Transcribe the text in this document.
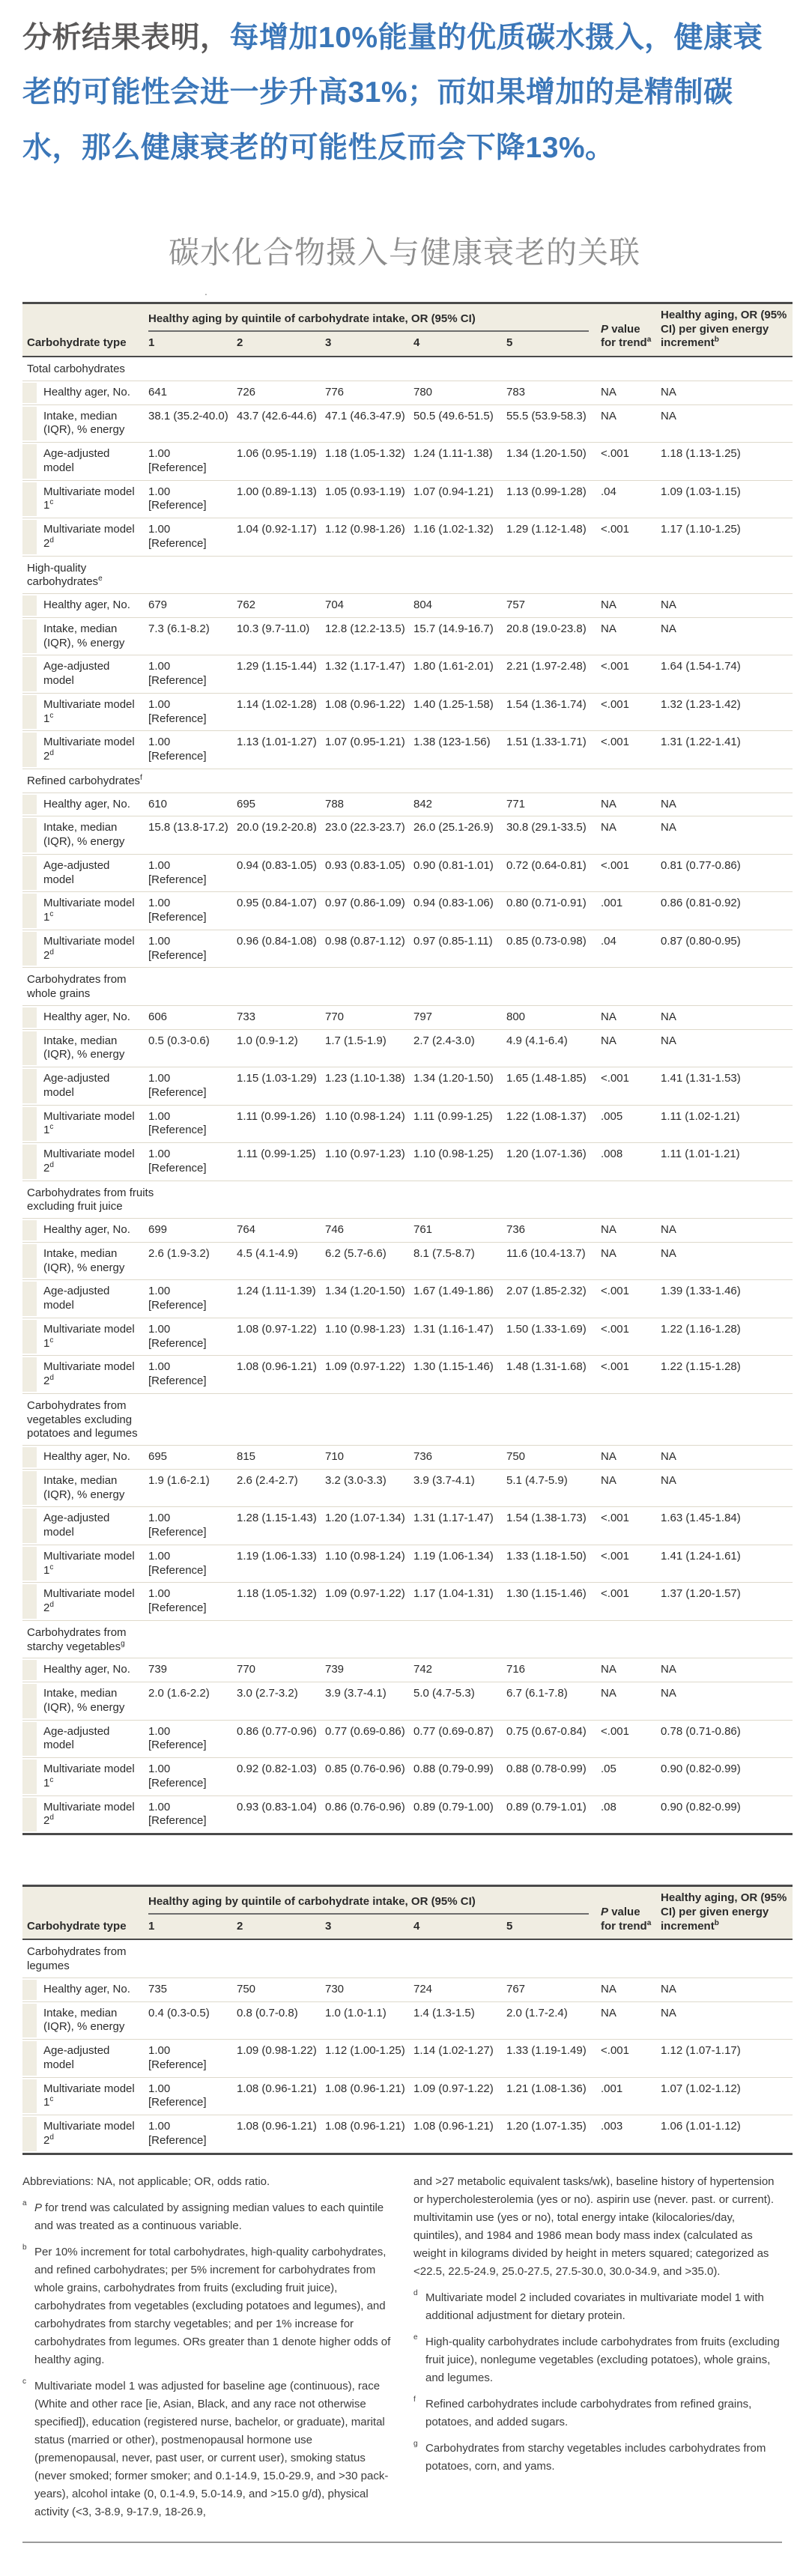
分析结果表明，每增加10%能量的优质碳水摄入，健康衰老的可能性会进一步升高31%；而如果增加的是精制碳水，那么健康衰老的可能性反而会下降13%。

碳水化合物摄入与健康衰老的关联
.
Carbohydrate type	Healthy aging by quintile of carbohydrate intake, OR (95% CI)					P value for trend$^a$	Healthy aging, OR (95% CI) per given energy increment$^b$
	1	2	3	4	5		
Total carbohydrates							
Healthy ager, No.	641	726	776	780	783	NA	NA
Intake, median (IQR), % energy	38.1 (35.2-40.0)	43.7 (42.6-44.6)	47.1 (46.3-47.9)	50.5 (49.6-51.5)	55.5 (53.9-58.3)	NA	NA
Age-adjusted model	1.00 [Reference]	1.06 (0.95-1.19)	1.18 (1.05-1.32)	1.24 (1.11-1.38)	1.34 (1.20-1.50)	<.001	1.18 (1.13-1.25)
Multivariate model 1$^c$	1.00 [Reference]	1.00 (0.89-1.13)	1.05 (0.93-1.19)	1.07 (0.94-1.21)	1.13 (0.99-1.28)	.04	1.09 (1.03-1.15)
Multivariate model 2$^d$	1.00 [Reference]	1.04 (0.92-1.17)	1.12 (0.98-1.26)	1.16 (1.02-1.32)	1.29 (1.12-1.48)	<.001	1.17 (1.10-1.25)
High-quality carbohydrates$^e$
Healthy ager, No.	679	762	704	804	757	NA	NA
Intake, median (IQR), % energy	7.3 (6.1-8.2)	10.3 (9.7-11.0)	12.8 (12.2-13.5)	15.7 (14.9-16.7)	20.8 (19.0-23.8)	NA	NA
Age-adjusted model	1.00 [Reference]	1.29 (1.15-1.44)	1.32 (1.17-1.47)	1.80 (1.61-2.01)	2.21 (1.97-2.48)	<.001	1.64 (1.54-1.74)
Multivariate model 1$^c$	1.00 [Reference]	1.14 (1.02-1.28)	1.08 (0.96-1.22)	1.40 (1.25-1.58)	1.54 (1.36-1.74)	<.001	1.32 (1.23-1.42)
Multivariate model 2$^d$	1.00 [Reference]	1.13 (1.01-1.27)	1.07 (0.95-1.21)	1.38 (123-1.56)	1.51 (1.33-1.71)	<.001	1.31 (1.22-1.41)
Refined carbohydrates$^f$
Healthy ager, No.	610	695	788	842	771	NA	NA
Intake, median (IQR), % energy	15.8 (13.8-17.2)	20.0 (19.2-20.8)	23.0 (22.3-23.7)	26.0 (25.1-26.9)	30.8 (29.1-33.5)	NA	NA
Age-adjusted model	1.00 [Reference]	0.94 (0.83-1.05)	0.93 (0.83-1.05)	0.90 (0.81-1.01)	0.72 (0.64-0.81)	<.001	0.81 (0.77-0.86)
Multivariate model 1$^c$	1.00 [Reference]	0.95 (0.84-1.07)	0.97 (0.86-1.09)	0.94 (0.83-1.06)	0.80 (0.71-0.91)	.001	0.86 (0.81-0.92)
Multivariate model 2$^d$	1.00 [Reference]	0.96 (0.84-1.08)	0.98 (0.87-1.12)	0.97 (0.85-1.11)	0.85 (0.73-0.98)	.04	0.87 (0.80-0.95)
Carbohydrates from whole grains							
Healthy ager, No.	606	733	770	797	800	NA	NA
Intake, median (IQR), % energy	0.5 (0.3-0.6)	1.0 (0.9-1.2)	1.7 (1.5-1.9)	2.7 (2.4-3.0)	4.9 (4.1-6.4)	NA	NA
Age-adjusted model	1.00 [Reference]	1.15 (1.03-1.29)	1.23 (1.10-1.38)	1.34 (1.20-1.50)	1.65 (1.48-1.85)	<.001	1.41 (1.31-1.53)
Multivariate model 1$^c$	1.00 [Reference]	1.11 (0.99-1.26)	1.10 (0.98-1.24)	1.11 (0.99-1.25)	1.22 (1.08-1.37)	.005	1.11 (1.02-1.21)
Multivariate model 2$^d$	1.00 [Reference]	1.11 (0.99-1.25)	1.10 (0.97-1.23)	1.10 (0.98-1.25)	1.20 (1.07-1.36)	.008	1.11 (1.01-1.21)
Carbohydrates from fruits excluding fruit juice							
Healthy ager, No.	699	764	746	761	736	NA	NA
Intake, median (IQR), % energy	2.6 (1.9-3.2)	4.5 (4.1-4.9)	6.2 (5.7-6.6)	8.1 (7.5-8.7)	11.6 (10.4-13.7)	NA	NA
Age-adjusted model	1.00 [Reference]	1.24 (1.11-1.39)	1.34 (1.20-1.50)	1.67 (1.49-1.86)	2.07 (1.85-2.32)	<.001	1.39 (1.33-1.46)
Multivariate model 1$^c$	1.00 [Reference]	1.08 (0.97-1.22)	1.10 (0.98-1.23)	1.31 (1.16-1.47)	1.50 (1.33-1.69)	<.001	1.22 (1.16-1.28)
Multivariate model 2$^d$	1.00 [Reference]	1.08 (0.96-1.21)	1.09 (0.97-1.22)	1.30 (1.15-1.46)	1.48 (1.31-1.68)	<.001	1.22 (1.15-1.28)
Carbohydrates from vegetables excluding potatoes and legumes							
Healthy ager, No.	695	815	710	736	750	NA	NA
Intake, median (IQR), % energy	1.9 (1.6-2.1)	2.6 (2.4-2.7)	3.2 (3.0-3.3)	3.9 (3.7-4.1)	5.1 (4.7-5.9)	NA	NA
Age-adjusted model	1.00 [Reference]	1.28 (1.15-1.43)	1.20 (1.07-1.34)	1.31 (1.17-1.47)	1.54 (1.38-1.73)	<.001	1.63 (1.45-1.84)
Multivariate model 1$^c$	1.00 [Reference]	1.19 (1.06-1.33)	1.10 (0.98-1.24)	1.19 (1.06-1.34)	1.33 (1.18-1.50)	<.001	1.41 (1.24-1.61)
Multivariate model 2$^d$	1.00 [Reference]	1.18 (1.05-1.32)	1.09 (0.97-1.22)	1.17 (1.04-1.31)	1.30 (1.15-1.46)	<.001	1.37 (1.20-1.57)
Carbohydrates from starchy vegetables$^g$
Healthy ager, No.	739	770	739	742	716	NA	NA
Intake, median (IQR), % energy	2.0 (1.6-2.2)	3.0 (2.7-3.2)	3.9 (3.7-4.1)	5.0 (4.7-5.3)	6.7 (6.1-7.8)	NA	NA
Age-adjusted model	1.00 [Reference]	0.86 (0.77-0.96)	0.77 (0.69-0.86)	0.77 (0.69-0.87)	0.75 (0.67-0.84)	<.001	0.78 (0.71-0.86)
Multivariate model 1$^c$	1.00 [Reference]	0.92 (0.82-1.03)	0.85 (0.76-0.96)	0.88 (0.79-0.99)	0.88 (0.78-0.99)	.05	0.90 (0.82-0.99)
Multivariate model 2$^d$	1.00 [Reference]	0.93 (0.83-1.04)	0.86 (0.76-0.96)	0.89 (0.79-1.00)	0.89 (0.79-1.01)	.08	0.90 (0.82-0.99)
Carbohydrate type	Healthy aging by quintile of carbohydrate intake, OR (95% CI)					P value for trend$^a$	Healthy aging, OR (95% CI) per given energy increment$^b$
	1	2	3	4	5		
Carbohydrates from legumes							
Healthy ager, No.	735	750	730	724	767	NA	NA
Intake, median (IQR), % energy	0.4 (0.3-0.5)	0.8 (0.7-0.8)	1.0 (1.0-1.1)	1.4 (1.3-1.5)	2.0 (1.7-2.4)	NA	NA
Age-adjusted model	1.00 [Reference]	1.09 (0.98-1.22)	1.12 (1.00-1.25)	1.14 (1.02-1.27)	1.33 (1.19-1.49)	<.001	1.12 (1.07-1.17)
Multivariate model 1$^c$	1.00 [Reference]	1.08 (0.96-1.21)	1.08 (0.96-1.21)	1.09 (0.97-1.22)	1.21 (1.08-1.36)	.001	1.07 (1.02-1.12)
Multivariate model 2$^d$	1.00 [Reference]	1.08 (0.96-1.21)	1.08 (0.96-1.21)	1.08 (0.96-1.21)	1.20 (1.07-1.35)	.003	1.06 (1.01-1.12)
Abbreviations: NA, not applicable; OR, odds ratio.
a P for trend was calculated by assigning median values to each quintile and was treated as a continuous variable.
b Per 10% increment for total carbohydrates, high-quality carbohydrates, and refined carbohydrates; per 5% increment for carbohydrates from whole grains, carbohydrates from fruits (excluding fruit juice), carbohydrates from vegetables (excluding potatoes and legumes), and carbohydrates from starchy vegetables; and per 1% increase for carbohydrates from legumes. ORs greater than 1 denote higher odds of healthy aging.
c Multivariate model 1 was adjusted for baseline age (continuous), race (White and other race [ie, Asian, Black, and any race not otherwise specified]), education (registered nurse, bachelor, or graduate), marital status (married or other), postmenopausal hormone use (premenopausal, never, past user, or current user), smoking status (never smoked; former smoker; and 0.1-14.9, 15.0-29.9, and >30 pack-years), alcohol intake (0, 0.1-4.9, 5.0-14.9, and >15.0 g/d), physical activity (<3, 3-8.9, 9-17.9, 18-26.9,
and >27 metabolic equivalent tasks/wk), baseline history of hypertension or hypercholesterolemia (yes or no). aspirin use (never. past. or current). multivitamin use (yes or no), total energy intake (kilocalories/day, quintiles), and 1984 and 1986 mean body mass index (calculated as weight in kilograms divided by height in meters squared; categorized as <22.5, 22.5-24.9, 25.0-27.5, 27.5-30.0, 30.0-34.9, and >35.0).
d Multivariate model 2 included covariates in multivariate model 1 with additional adjustment for dietary protein.
e High-quality carbohydrates include carbohydrates from fruits (excluding fruit juice), nonlegume vegetables (excluding potatoes), whole grains, and legumes.
f Refined carbohydrates include carbohydrates from refined grains, potatoes, and added sugars.
g Carbohydrates from starchy vegetables includes carbohydrates from potatoes, corn, and yams.
